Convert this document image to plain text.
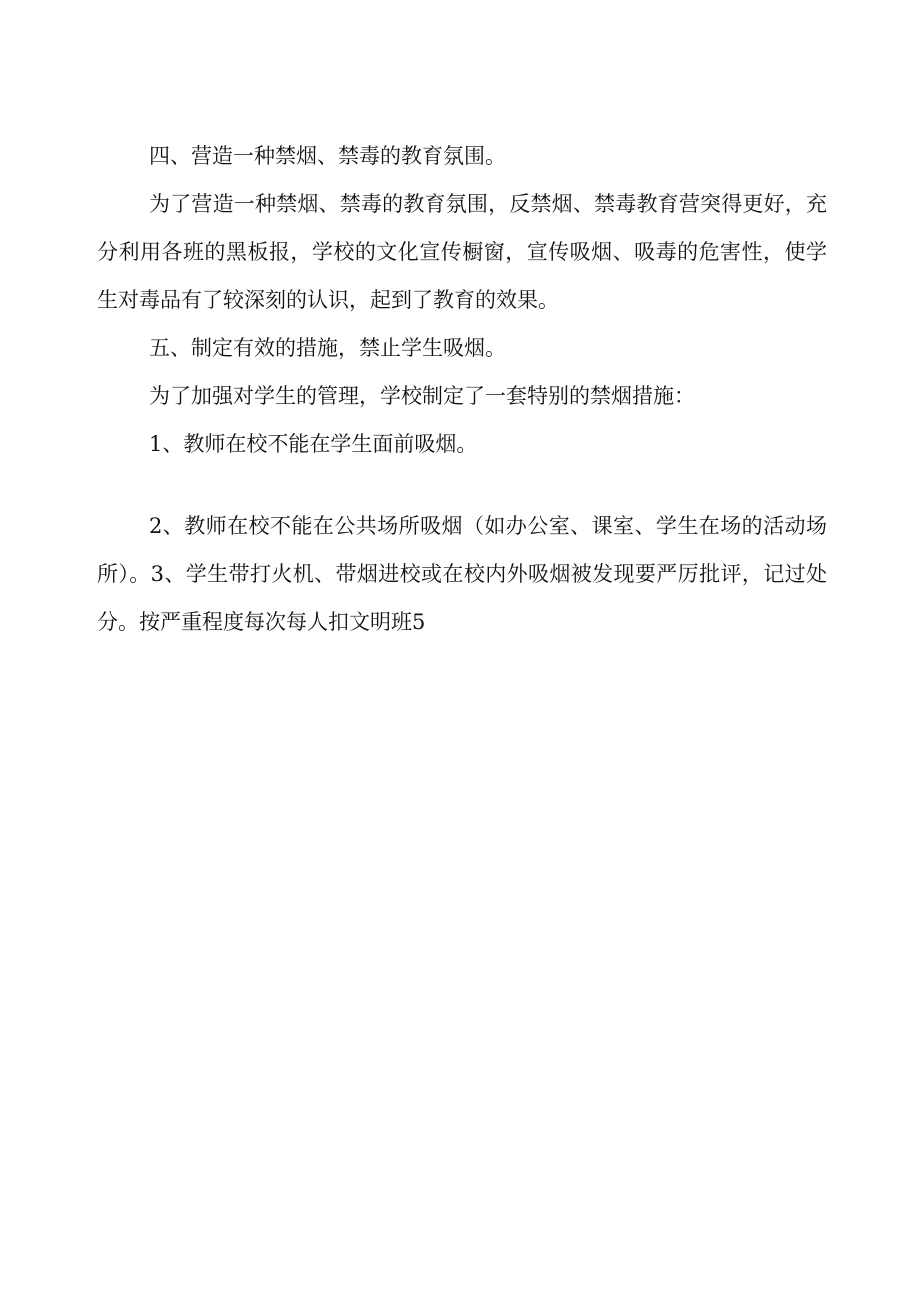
四、营造一种禁烟、禁毒的教育氛围。

为了营造一种禁烟、禁毒的教育氛围，反禁烟、禁毒教育营突得更好，充分利用各班的黑板报，学校的文化宣传橱窗，宣传吸烟、吸毒的危害性，使学生对毒品有了较深刻的认识，起到了教育的效果。

五、制定有效的措施，禁止学生吸烟。

为了加强对学生的管理，学校制定了一套特别的禁烟措施：

1、教师在校不能在学生面前吸烟。

2、教师在校不能在公共场所吸烟（如办公室、课室、学生在场的活动场所）。3、学生带打火机、带烟进校或在校内外吸烟被发现要严厉批评，记过处分。按严重程度每次每人扣文明班5
